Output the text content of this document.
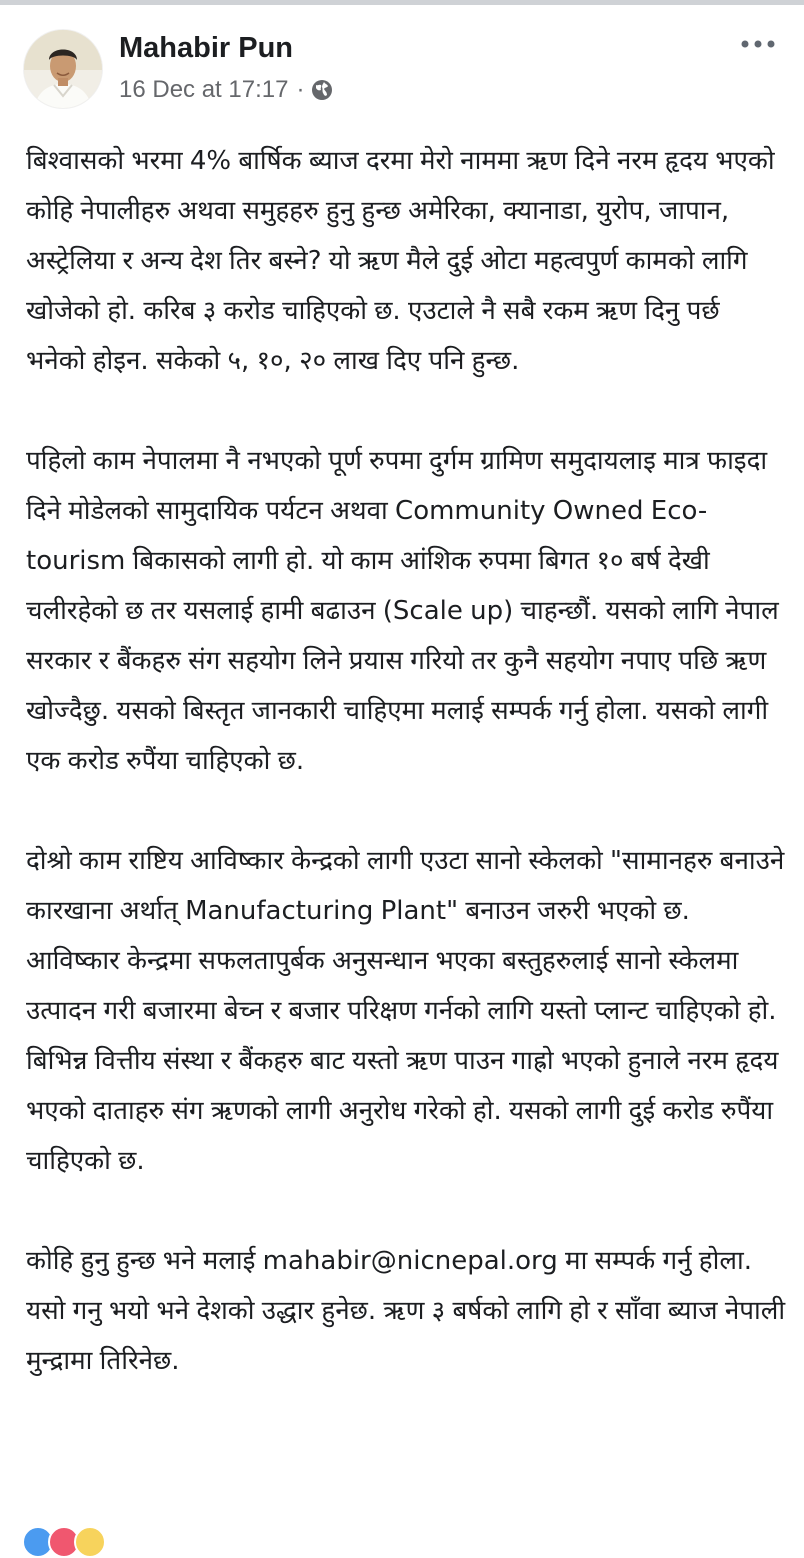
Mahabir Pun
16 Dec at 17:17 ·

बिश्वासको भरमा 4% बार्षिक ब्याज दरमा मेरो नाममा ऋण दिने नरम हृदय भएको कोहि नेपालीहरु अथवा समुहहरु हुनु हुन्छ अमेरिका, क्यानाडा, युरोप, जापान, अस्ट्रेलिया र अन्य देश तिर बस्ने? यो ऋण मैले दुई ओटा महत्वपुर्ण कामको लागि खोजेको हो. करिब ३ करोड चाहिएको छ. एउटाले नै सबै रकम ऋण दिनु पर्छ भनेको होइन. सकेको ५, १०, २० लाख दिए पनि हुन्छ.

पहिलो काम नेपालमा नै नभएको पूर्ण रुपमा दुर्गम ग्रामिण समुदायलाइ मात्र फाइदा दिने मोडेलको सामुदायिक पर्यटन अथवा Community Owned Eco-tourism बिकासको लागी हो. यो काम आंशिक रुपमा बिगत १० बर्ष देखी चलीरहेको छ तर यसलाई हामी बढाउन (Scale up) चाहन्छौं. यसको लागि नेपाल सरकार र बैंकहरु संग सहयोग लिने प्रयास गरियो तर कुनै सहयोग नपाए पछि ऋण खोज्दैछु. यसको बिस्तृत जानकारी चाहिएमा मलाई सम्पर्क गर्नु होला. यसको लागी एक करोड रुपैंया चाहिएको छ.

दोश्रो काम राष्टिय आविष्कार केन्द्रको लागी एउटा सानो स्केलको "सामानहरु बनाउने कारखाना अर्थात् Manufacturing Plant" बनाउन जरुरी भएको छ. आविष्कार केन्द्रमा सफलतापुर्बक अनुसन्धान भएका बस्तुहरुलाई सानो स्केलमा उत्पादन गरी बजारमा बेच्न र बजार परिक्षण गर्नको लागि यस्तो प्लान्ट चाहिएको हो. बिभिन्न वित्तीय संस्था र बैंकहरु बाट यस्तो ऋण पाउन गाह्रो भएको हुनाले नरम हृदय भएको दाताहरु संग ऋणको लागी अनुरोध गरेको हो. यसको लागी दुई करोड रुपैंया चाहिएको छ.

कोहि हुनु हुन्छ भने मलाई mahabir@nicnepal.org मा सम्पर्क गर्नु होला. यसो गनु भयो भने देशको उद्धार हुनेछ. ऋण ३ बर्षको लागि हो र साँवा ब्याज नेपाली मुन्द्रामा तिरिनेछ.
